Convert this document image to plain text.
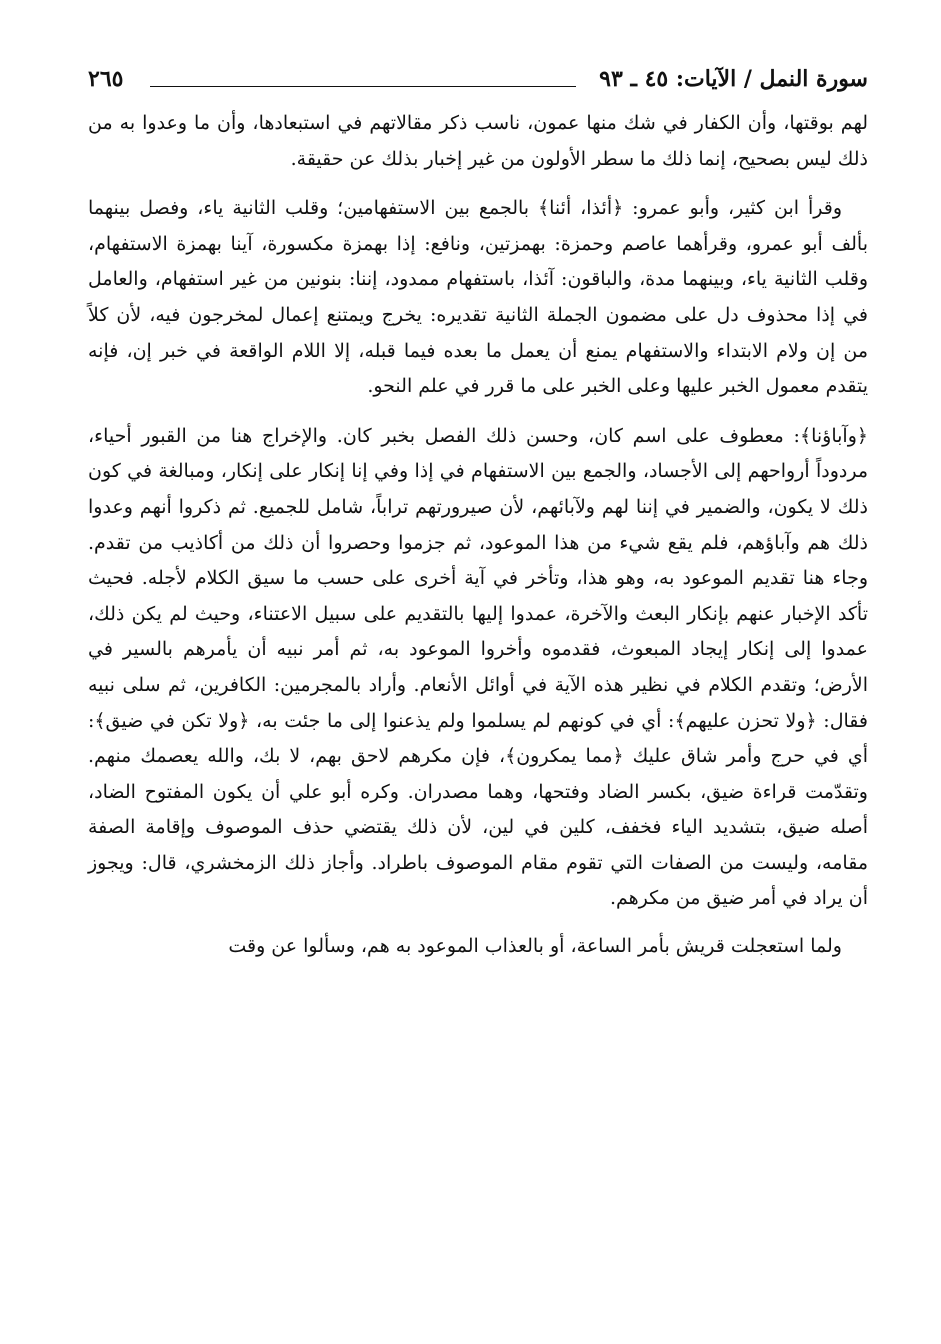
سورة النمل / الآيات: ٤٥ ـ ٩٣
٢٦٥

لهم بوقتها، وأن الكفار في شك منها عمون، ناسب ذكر مقالاتهم في استبعادها، وأن ما وعدوا به من ذلك ليس بصحيح، إنما ذلك ما سطر الأولون من غير إخبار بذلك عن حقيقة.

وقرأ ابن كثير، وأبو عمرو: ﴿أئذا، أئنا﴾ بالجمع بين الاستفهامين؛ وقلب الثانية ياء، وفصل بينهما بألف أبو عمرو، وقرأهما عاصم وحمزة: بهمزتين، ونافع: إذا بهمزة مكسورة، آينا بهمزة الاستفهام، وقلب الثانية ياء، وبينهما مدة، والباقون: آئذا، باستفهام ممدود، إننا: بنونين من غير استفهام، والعامل في إذا محذوف دل على مضمون الجملة الثانية تقديره: يخرج ويمتنع إعمال لمخرجون فيه، لأن كلاً من إن ولام الابتداء والاستفهام يمنع أن يعمل ما بعده فيما قبله، إلا اللام الواقعة في خبر إن، فإنه يتقدم معمول الخبر عليها وعلى الخبر على ما قرر في علم النحو.

﴿وآباؤنا﴾: معطوف على اسم كان، وحسن ذلك الفصل بخبر كان. والإخراج هنا من القبور أحياء، مردوداً أرواحهم إلى الأجساد، والجمع بين الاستفهام في إذا وفي إنا إنكار على إنكار، ومبالغة في كون ذلك لا يكون، والضمير في إننا لهم ولآبائهم، لأن صيرورتهم تراباً، شامل للجميع. ثم ذكروا أنهم وعدوا ذلك هم وآباؤهم، فلم يقع شيء من هذا الموعود، ثم جزموا وحصروا أن ذلك من أكاذيب من تقدم. وجاء هنا تقديم الموعود به، وهو هذا، وتأخر في آية أخرى على حسب ما سيق الكلام لأجله. فحيث تأكد الإخبار عنهم بإنكار البعث والآخرة، عمدوا إليها بالتقديم على سبيل الاعتناء، وحيث لم يكن ذلك، عمدوا إلى إنكار إيجاد المبعوث، فقدموه وأخروا الموعود به، ثم أمر نبيه أن يأمرهم بالسير في الأرض؛ وتقدم الكلام في نظير هذه الآية في أوائل الأنعام. وأراد بالمجرمين: الكافرين، ثم سلى نبيه فقال: ﴿ولا تحزن عليهم﴾: أي في كونهم لم يسلموا ولم يذعنوا إلى ما جئت به، ﴿ولا تكن في ضيق﴾: أي في حرج وأمر شاق عليك ﴿مما يمكرون﴾، فإن مكرهم لاحق بهم، لا بك، والله يعصمك منهم. وتقدّمت قراءة ضيق، بكسر الضاد وفتحها، وهما مصدران. وكره أبو علي أن يكون المفتوح الضاد، أصله ضيق، بتشديد الياء فخفف، كلين في لين، لأن ذلك يقتضي حذف الموصوف وإقامة الصفة مقامه، وليست من الصفات التي تقوم مقام الموصوف باطراد. وأجاز ذلك الزمخشري، قال: ويجوز أن يراد في أمر ضيق من مكرهم.

ولما استعجلت قريش بأمر الساعة، أو بالعذاب الموعود به هم، وسألوا عن وقت
